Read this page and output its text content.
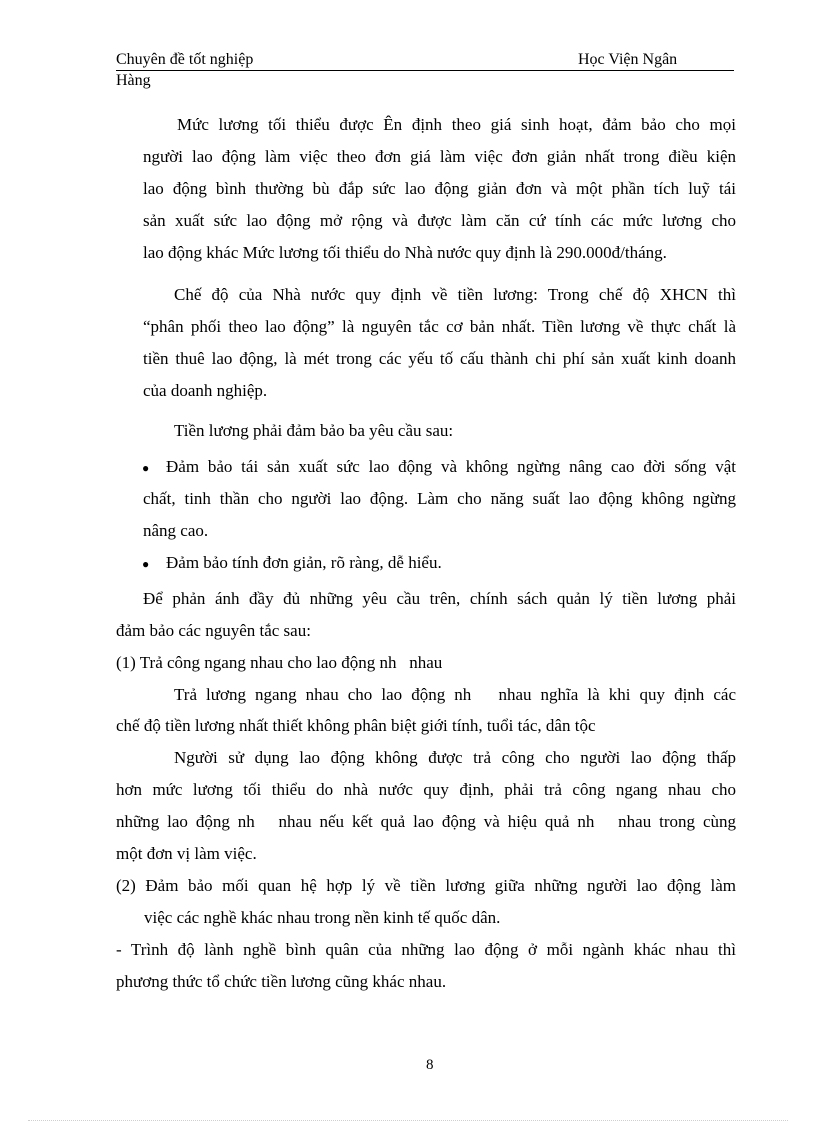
Chuyên đề tốt nghiệp	Học Viện Ngân
Hàng
Mức lương tối thiểu được Ên định theo giá sinh hoạt, đảm bảo cho mọi
người lao động làm việc theo đơn giá làm việc đơn giản nhất trong điều kiện
lao động bình thường bù đắp sức lao động giản đơn và một phần tích luỹ tái
sản xuất sức lao động mở rộng và được làm căn cứ tính các mức lương cho
lao động khác Mức lương tối thiểu do Nhà nước quy định là 290.000đ/tháng.
Chế độ của Nhà nước quy định về tiền lương: Trong chế độ XHCN thì
“phân phối theo lao động” là nguyên tắc cơ bản nhất. Tiền lương về thực chất là
tiền thuê lao động, là mét trong các yếu tố cấu thành chi phí sản xuất kinh doanh
của doanh nghiệp.
Tiền lương phải đảm bảo ba yêu cầu sau:
● Đảm bảo tái sản xuất sức lao động và không ngừng nâng cao đời sống vật
chất, tinh thần cho người lao động. Làm cho năng suất lao động không ngừng
nâng cao.
● Đảm bảo tính đơn giản, rõ ràng, dễ hiểu.
Để phản ánh đầy đủ những yêu cầu trên, chính sách quản lý tiền lương phải
đảm bảo các nguyên tắc sau:
(1) Trả công ngang nhau cho lao động nh   nhau
Trả lương ngang nhau cho lao động nh   nhau nghĩa là khi quy định các
chế độ tiền lương nhất thiết không phân biệt giới tính, tuổi tác, dân tộc
Người sử dụng lao động không được trả công cho người lao động thấp
hơn mức lương tối thiểu do nhà nước quy định, phải trả công ngang nhau cho
những lao động nh   nhau nếu kết quả lao động và hiệu quả nh   nhau trong cùng
một đơn vị làm việc.
(2) Đảm bảo mối quan hệ hợp lý về tiền lương giữa những người lao động làm
việc các nghề khác nhau trong nền kinh tế quốc dân.
- Trình độ lành nghề bình quân của những lao động ở mỗi ngành khác nhau thì
phương thức tổ chức tiền lương cũng khác nhau.
8
